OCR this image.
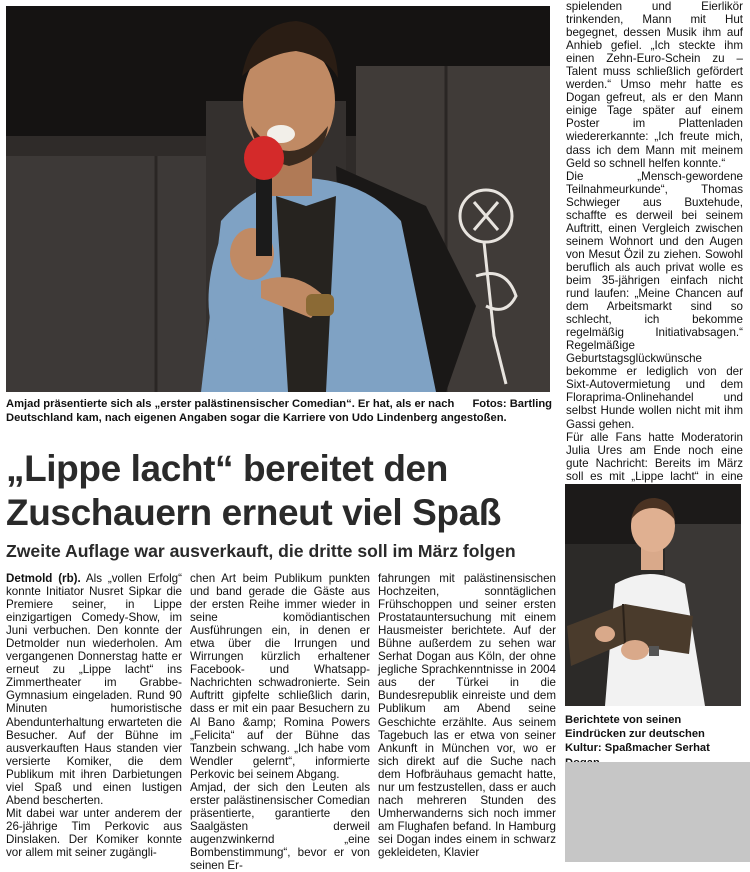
Fotos: Bartling
Amjad präsentierte sich als „erster palästinensischer Comedian“. Er hat, als er nach Deutschland kam, nach eigenen Angaben sogar die Karriere von Udo Lindenberg angestoßen.
„Lippe lacht“ bereitet den Zuschauern erneut viel Spaß
Zweite Auflage war ausverkauft, die dritte soll im März folgen

Detmold (rb). Als „vollen Erfolg“ konnte Initiator Nusret Sipkar die Premiere seiner, in Lippe einzigartigen Comedy-Show, im Juni verbuchen. Den konnte der Detmolder nun wiederholen. Am vergangenen Donnerstag hatte er erneut zu „Lippe lacht“ ins Zimmertheater im Grabbe-Gymnasium eingeladen. Rund 90 Minuten humoristische Abendunterhaltung erwarteten die Besucher. Auf der Bühne im ausverkauften Haus standen vier versierte Komiker, die dem Publikum mit ihren Darbietungen viel Spaß und einen lustigen Abend bescherten.

Mit dabei war unter anderem der 26-jährige Tim Perkovic aus Dinslaken. Der Komiker konnte vor allem mit seiner zugängli-

chen Art beim Publikum punkten und band gerade die Gäste aus der ersten Reihe immer wieder in seine komödiantischen Ausführungen ein, in denen er etwa über die Irrungen und Wirrungen kürzlich erhaltener Facebook- und Whatsapp-Nachrichten schwadronierte. Sein Auftritt gipfelte schließlich darin, dass er mit ein paar Besuchern zu Al Bano &amp; Romina Powers „Felicita“ auf der Bühne das Tanzbein schwang. „Ich habe vom Wendler gelernt“, informierte Perkovic bei seinem Abgang.

Amjad, der sich den Leuten als erster palästinensischer Comedian präsentierte, garantierte den Saalgästen derweil augenzwinkernd „eine Bombenstimmung“, bevor er von seinen Er-

fahrungen mit palästinensischen Hochzeiten, sonntäglichen Frühschoppen und seiner ersten Prostatauntersuchung mit einem Hausmeister berichtete. Auf der Bühne außerdem zu sehen war Serhat Dogan aus Köln, der ohne jegliche Sprachkenntnisse in 2004 aus der Türkei in die Bundesrepublik einreiste und dem Publikum am Abend seine Geschichte erzählte. Aus seinem Tagebuch las er etwa von seiner Ankunft in München vor, wo er sich direkt auf die Suche nach dem Hofbräuhaus gemacht hatte, nur um festzustellen, dass er auch nach mehreren Stunden des Umherwanderns sich noch immer am Flughafen befand. In Hamburg sei Dogan indes einem in schwarz gekleideten, Klavier

spielenden und Eierlikör trinkenden, Mann mit Hut begegnet, dessen Musik ihm auf Anhieb gefiel. „Ich steckte ihm einen Zehn-Euro-Schein zu – Talent muss schließlich gefördert werden.“ Umso mehr hatte es Dogan gefreut, als er den Mann einige Tage später auf einem Poster im Plattenladen wiedererkannte: „Ich freute mich, dass ich dem Mann mit meinem Geld so schnell helfen konnte.“

Die „Mensch-gewordene Teilnahmeurkunde“, Thomas Schwieger aus Buxtehude, schaffte es derweil bei seinem Auftritt, einen Vergleich zwischen seinem Wohnort und den Augen von Mesut Özil zu ziehen. Sowohl beruflich als auch privat wolle es beim 35-jährigen einfach nicht rund laufen: „Meine Chancen auf dem Arbeitsmarkt sind so schlecht, ich bekomme regelmäßig Initiativabsagen.“ Regelmäßige Geburtstagsglückwünsche bekomme er lediglich von der Sixt-Autovermietung und dem Floraprima-Onlinehandel und selbst Hunde wollen nicht mit ihm Gassi gehen.

Für alle Fans hatte Moderatorin Julia Ures am Ende noch eine gute Nachricht: Bereits im März soll es mit „Lippe lacht“ in eine

Berichtete von seinen Eindrücken zur deutschen Kultur: Spaßmacher Serhat
